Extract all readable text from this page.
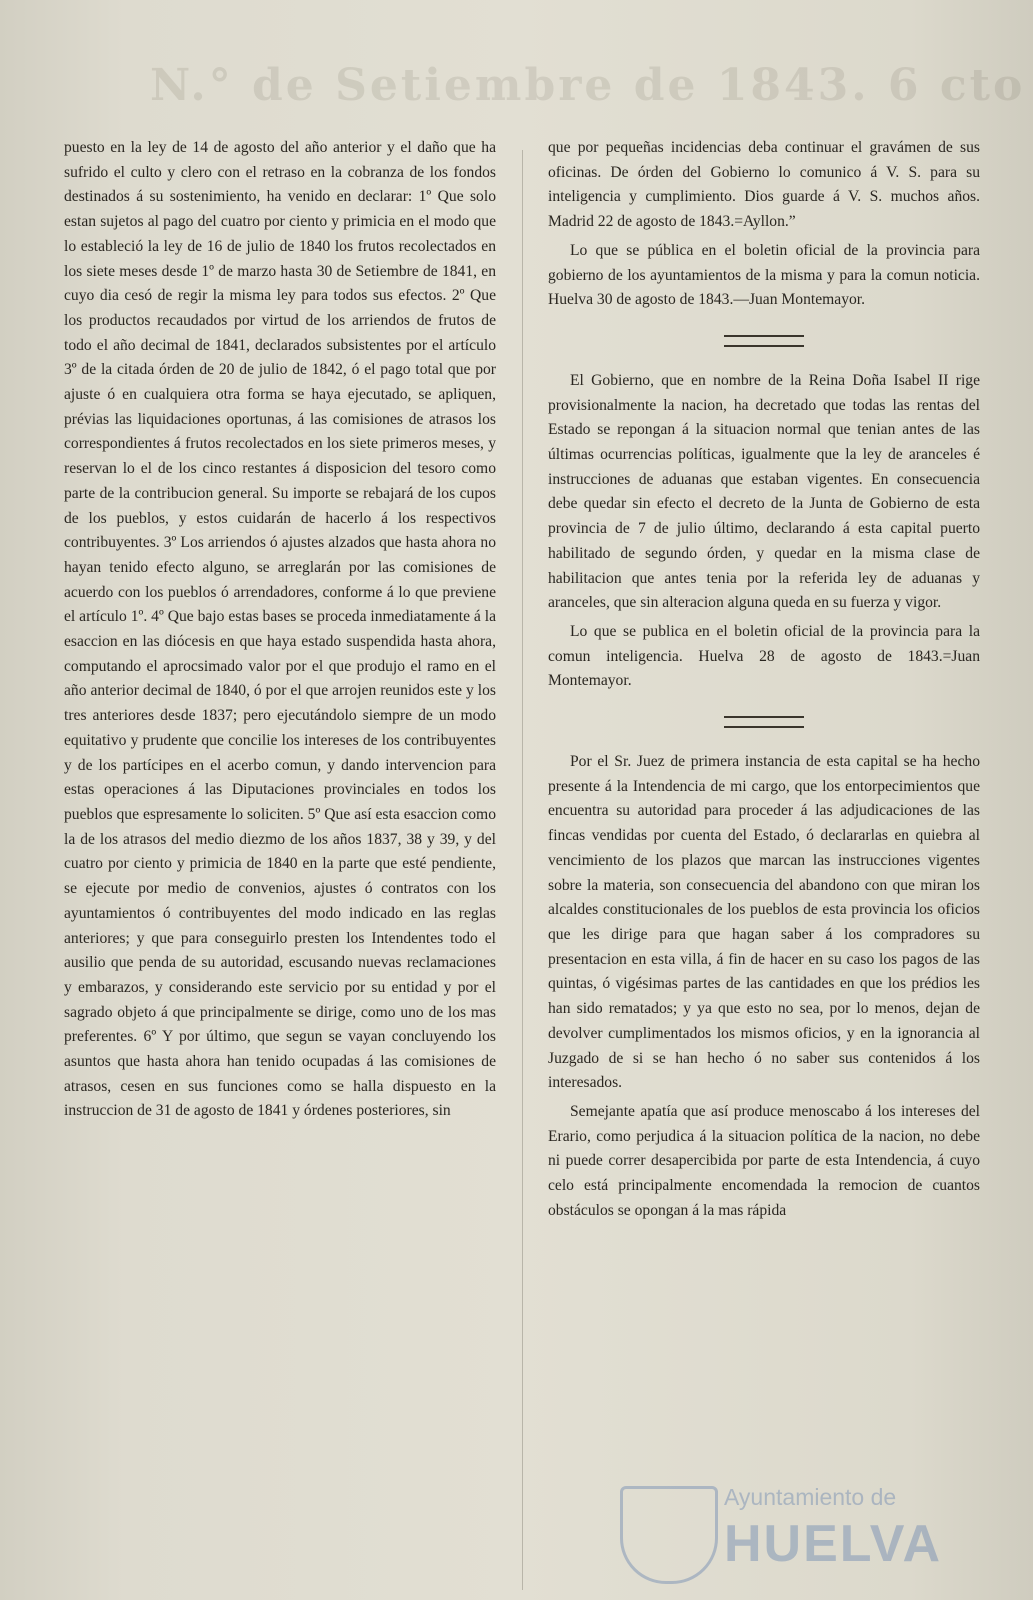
N.° de Setiembre de 1843. 6 cto

puesto en la ley de 14 de agosto del año anterior y el daño que ha sufrido el culto y clero con el retraso en la cobranza de los fondos destinados á su sostenimiento, ha venido en declarar: 1º Que solo estan sujetos al pago del cuatro por ciento y primicia en el modo que lo estableció la ley de 16 de julio de 1840 los frutos recolectados en los siete meses desde 1º de marzo hasta 30 de Setiembre de 1841, en cuyo dia cesó de regir la misma ley para todos sus efectos. 2º Que los productos recaudados por virtud de los arriendos de frutos de todo el año decimal de 1841, declarados subsistentes por el artículo 3º de la citada órden de 20 de julio de 1842, ó el pago total que por ajuste ó en cualquiera otra forma se haya ejecutado, se apliquen, prévias las liquidaciones oportunas, á las comisiones de atrasos los correspondientes á frutos recolectados en los siete primeros meses, y reservan lo el de los cinco restantes á disposicion del tesoro como parte de la contribucion general. Su importe se rebajará de los cupos de los pueblos, y estos cuidarán de hacerlo á los respectivos contribuyentes. 3º Los arriendos ó ajustes alzados que hasta ahora no hayan tenido efecto alguno, se arreglarán por las comisiones de acuerdo con los pueblos ó arrendadores, conforme á lo que previene el artículo 1º. 4º Que bajo estas bases se proceda inmediatamente á la esaccion en las diócesis en que haya estado suspendida hasta ahora, computando el aprocsimado valor por el que produjo el ramo en el año anterior decimal de 1840, ó por el que arrojen reunidos este y los tres anteriores desde 1837; pero ejecutándolo siempre de un modo equitativo y prudente que concilie los intereses de los contribuyentes y de los partícipes en el acerbo comun, y dando intervencion para estas operaciones á las Diputaciones provinciales en todos los pueblos que espresamente lo soliciten. 5º Que así esta esaccion como la de los atrasos del medio diezmo de los años 1837, 38 y 39, y del cuatro por ciento y primicia de 1840 en la parte que esté pendiente, se ejecute por medio de convenios, ajustes ó contratos con los ayuntamientos ó contribuyentes del modo indicado en las reglas anteriores; y que para conseguirlo presten los Intendentes todo el ausilio que penda de su autoridad, escusando nuevas reclamaciones y embarazos, y considerando este servicio por su entidad y por el sagrado objeto á que principalmente se dirige, como uno de los mas preferentes. 6º Y por último, que segun se vayan concluyendo los asuntos que hasta ahora han tenido ocupadas á las comisiones de atrasos, cesen en sus funciones como se halla dispuesto en la instruccion de 31 de agosto de 1841 y órdenes posteriores, sin

que por pequeñas incidencias deba continuar el gravámen de sus oficinas. De órden del Gobierno lo comunico á V. S. para su inteligencia y cumplimiento. Dios guarde á V. S. muchos años. Madrid 22 de agosto de 1843.=Ayllon.”

Lo que se pública en el boletin oficial de la provincia para gobierno de los ayuntamientos de la misma y para la comun noticia. Huelva 30 de agosto de 1843.—Juan Montemayor.

El Gobierno, que en nombre de la Reina Doña Isabel II rige provisionalmente la nacion, ha decretado que todas las rentas del Estado se repongan á la situacion normal que tenian antes de las últimas ocurrencias políticas, igualmente que la ley de aranceles é instrucciones de aduanas que estaban vigentes. En consecuencia debe quedar sin efecto el decreto de la Junta de Gobierno de esta provincia de 7 de julio último, declarando á esta capital puerto habilitado de segundo órden, y quedar en la misma clase de habilitacion que antes tenia por la referida ley de aduanas y aranceles, que sin alteracion alguna queda en su fuerza y vigor.

Lo que se publica en el boletin oficial de la provincia para la comun inteligencia. Huelva 28 de agosto de 1843.=Juan Montemayor.

Por el Sr. Juez de primera instancia de esta capital se ha hecho presente á la Intendencia de mi cargo, que los entorpecimientos que encuentra su autoridad para proceder á las adjudicaciones de las fincas vendidas por cuenta del Estado, ó declararlas en quiebra al vencimiento de los plazos que marcan las instrucciones vigentes sobre la materia, son consecuencia del abandono con que miran los alcaldes constitucionales de los pueblos de esta provincia los oficios que les dirige para que hagan saber á los compradores su presentacion en esta villa, á fin de hacer en su caso los pagos de las quintas, ó vigésimas partes de las cantidades en que los prédios les han sido rematados; y ya que esto no sea, por lo menos, dejan de devolver cumplimentados los mismos oficios, y en la ignorancia al Juzgado de si se han hecho ó no saber sus contenidos á los interesados.

Semejante apatía que así produce menoscabo á los intereses del Erario, como perjudica á la situacion política de la nacion, no debe ni puede correr desapercibida por parte de esta Intendencia, á cuyo celo está principalmente encomendada la remocion de cuantos obstáculos se opongan á la mas rápida

Ayuntamiento de
HUELVA
